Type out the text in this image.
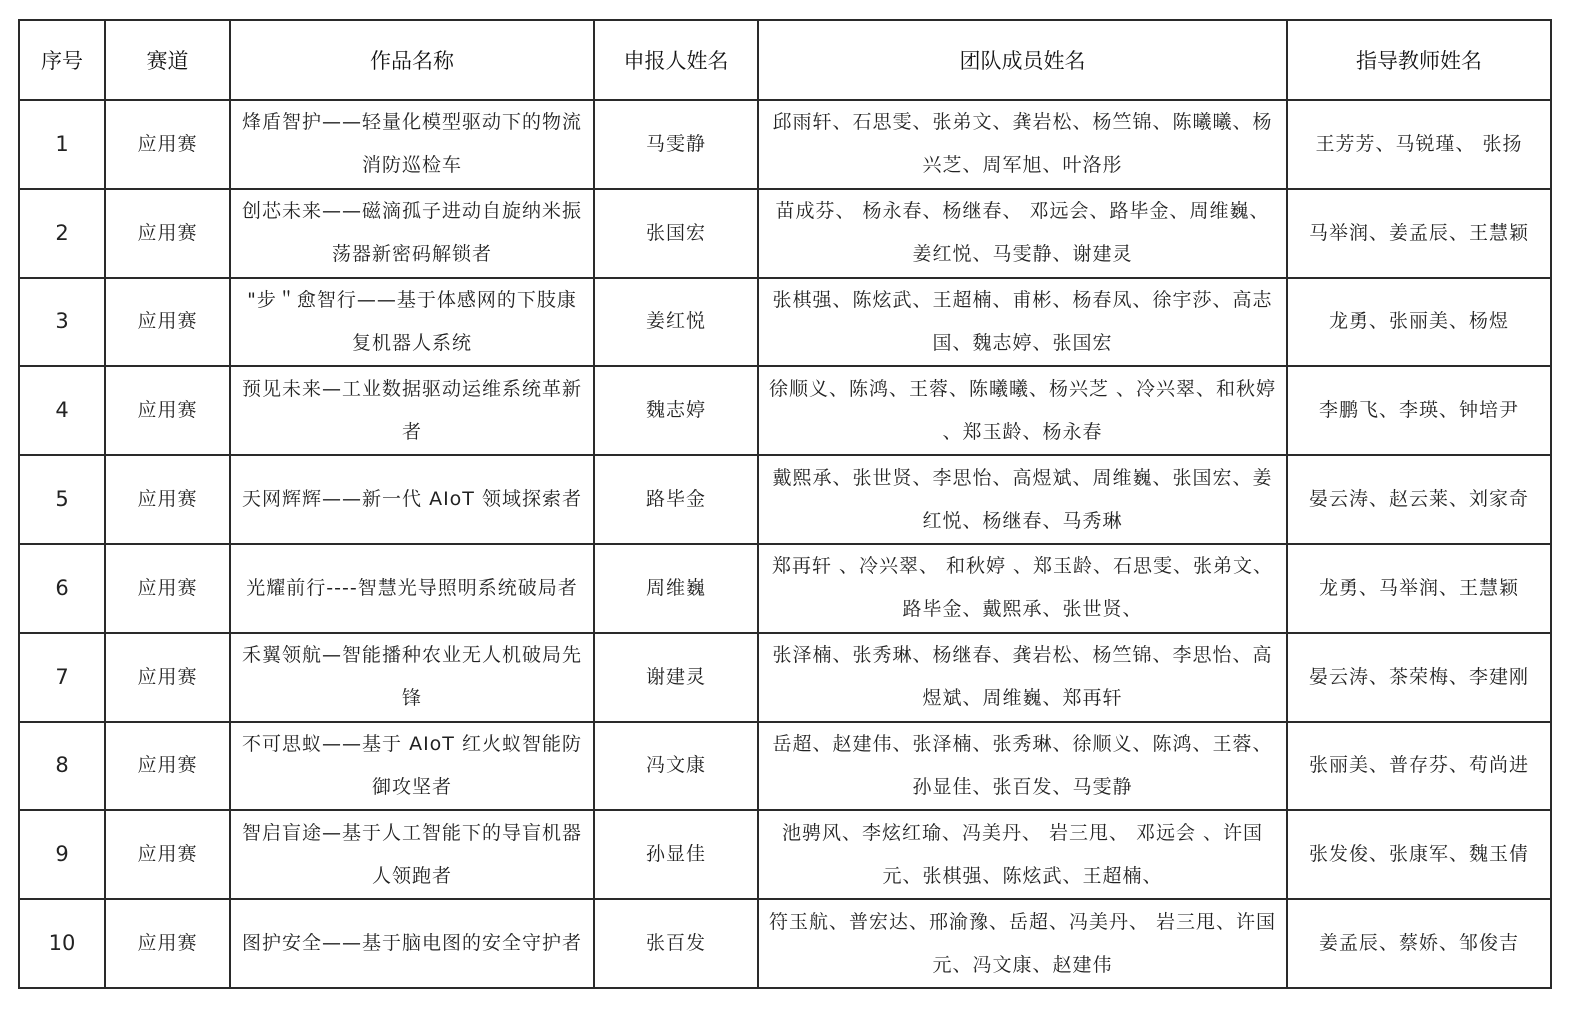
序号	赛道	作品名称	申报人姓名	团队成员姓名	指导教师姓名
1	应用赛	烽盾智护——轻量化模型驱动下的物流消防巡检车	马雯静	邱雨轩、石思雯、张弟文、龚岩松、杨竺锦、陈曦曦、杨兴芝、周军旭、叶洛彤	王芳芳、马锐瑾、 张扬
2	应用赛	创芯未来——磁滴孤子进动自旋纳米振荡器新密码解锁者	张国宏	苗成芬、 杨永春、杨继春、 邓远会、路毕金、周维巍、姜红悦、马雯静、谢建灵	马举润、姜孟辰、王慧颖
3	应用赛	"步＂愈智行——基于体感网的下肢康复机器人系统	姜红悦	张棋强、陈炫武、王超楠、甫彬、杨春凤、徐宇莎、高志国、魏志婷、张国宏	龙勇、张丽美、杨煜
4	应用赛	预见未来—工业数据驱动运维系统革新者	魏志婷	徐顺义、陈鸿、王蓉、陈曦曦、杨兴芝 、冷兴翠、和秋婷 、郑玉龄、杨永春	李鹏飞、李瑛、钟培尹
5	应用赛	天网辉辉——新一代 AIoT 领域探索者	路毕金	戴熙承、张世贤、李思怡、高煜斌、周维巍、张国宏、姜红悦、杨继春、马秀琳	晏云涛、赵云莱、刘家奇
6	应用赛	光耀前行----智慧光导照明系统破局者	周维巍	郑再轩 、冷兴翠、 和秋婷 、郑玉龄、石思雯、张弟文、路毕金、戴熙承、张世贤、	龙勇、马举润、王慧颖
7	应用赛	禾翼领航—智能播种农业无人机破局先锋	谢建灵	张泽楠、张秀琳、杨继春、龚岩松、杨竺锦、李思怡、高煜斌、周维巍、郑再轩	晏云涛、茶荣梅、李建刚
8	应用赛	不可思蚁——基于 AIoT 红火蚁智能防御攻坚者	冯文康	岳超、赵建伟、张泽楠、张秀琳、徐顺义、陈鸿、王蓉、孙显佳、张百发、马雯静	张丽美、普存芬、苟尚进
9	应用赛	智启盲途—基于人工智能下的导盲机器人领跑者	孙显佳	池骋风、李炫红瑜、冯美丹、 岩三甩、 邓远会 、许国元、张棋强、陈炫武、王超楠、	张发俊、张康军、魏玉倩
10	应用赛	图护安全——基于脑电图的安全守护者	张百发	符玉航、普宏达、邢渝豫、岳超、冯美丹、 岩三甩、许国元、冯文康、赵建伟	姜孟辰、蔡娇、邹俊吉
